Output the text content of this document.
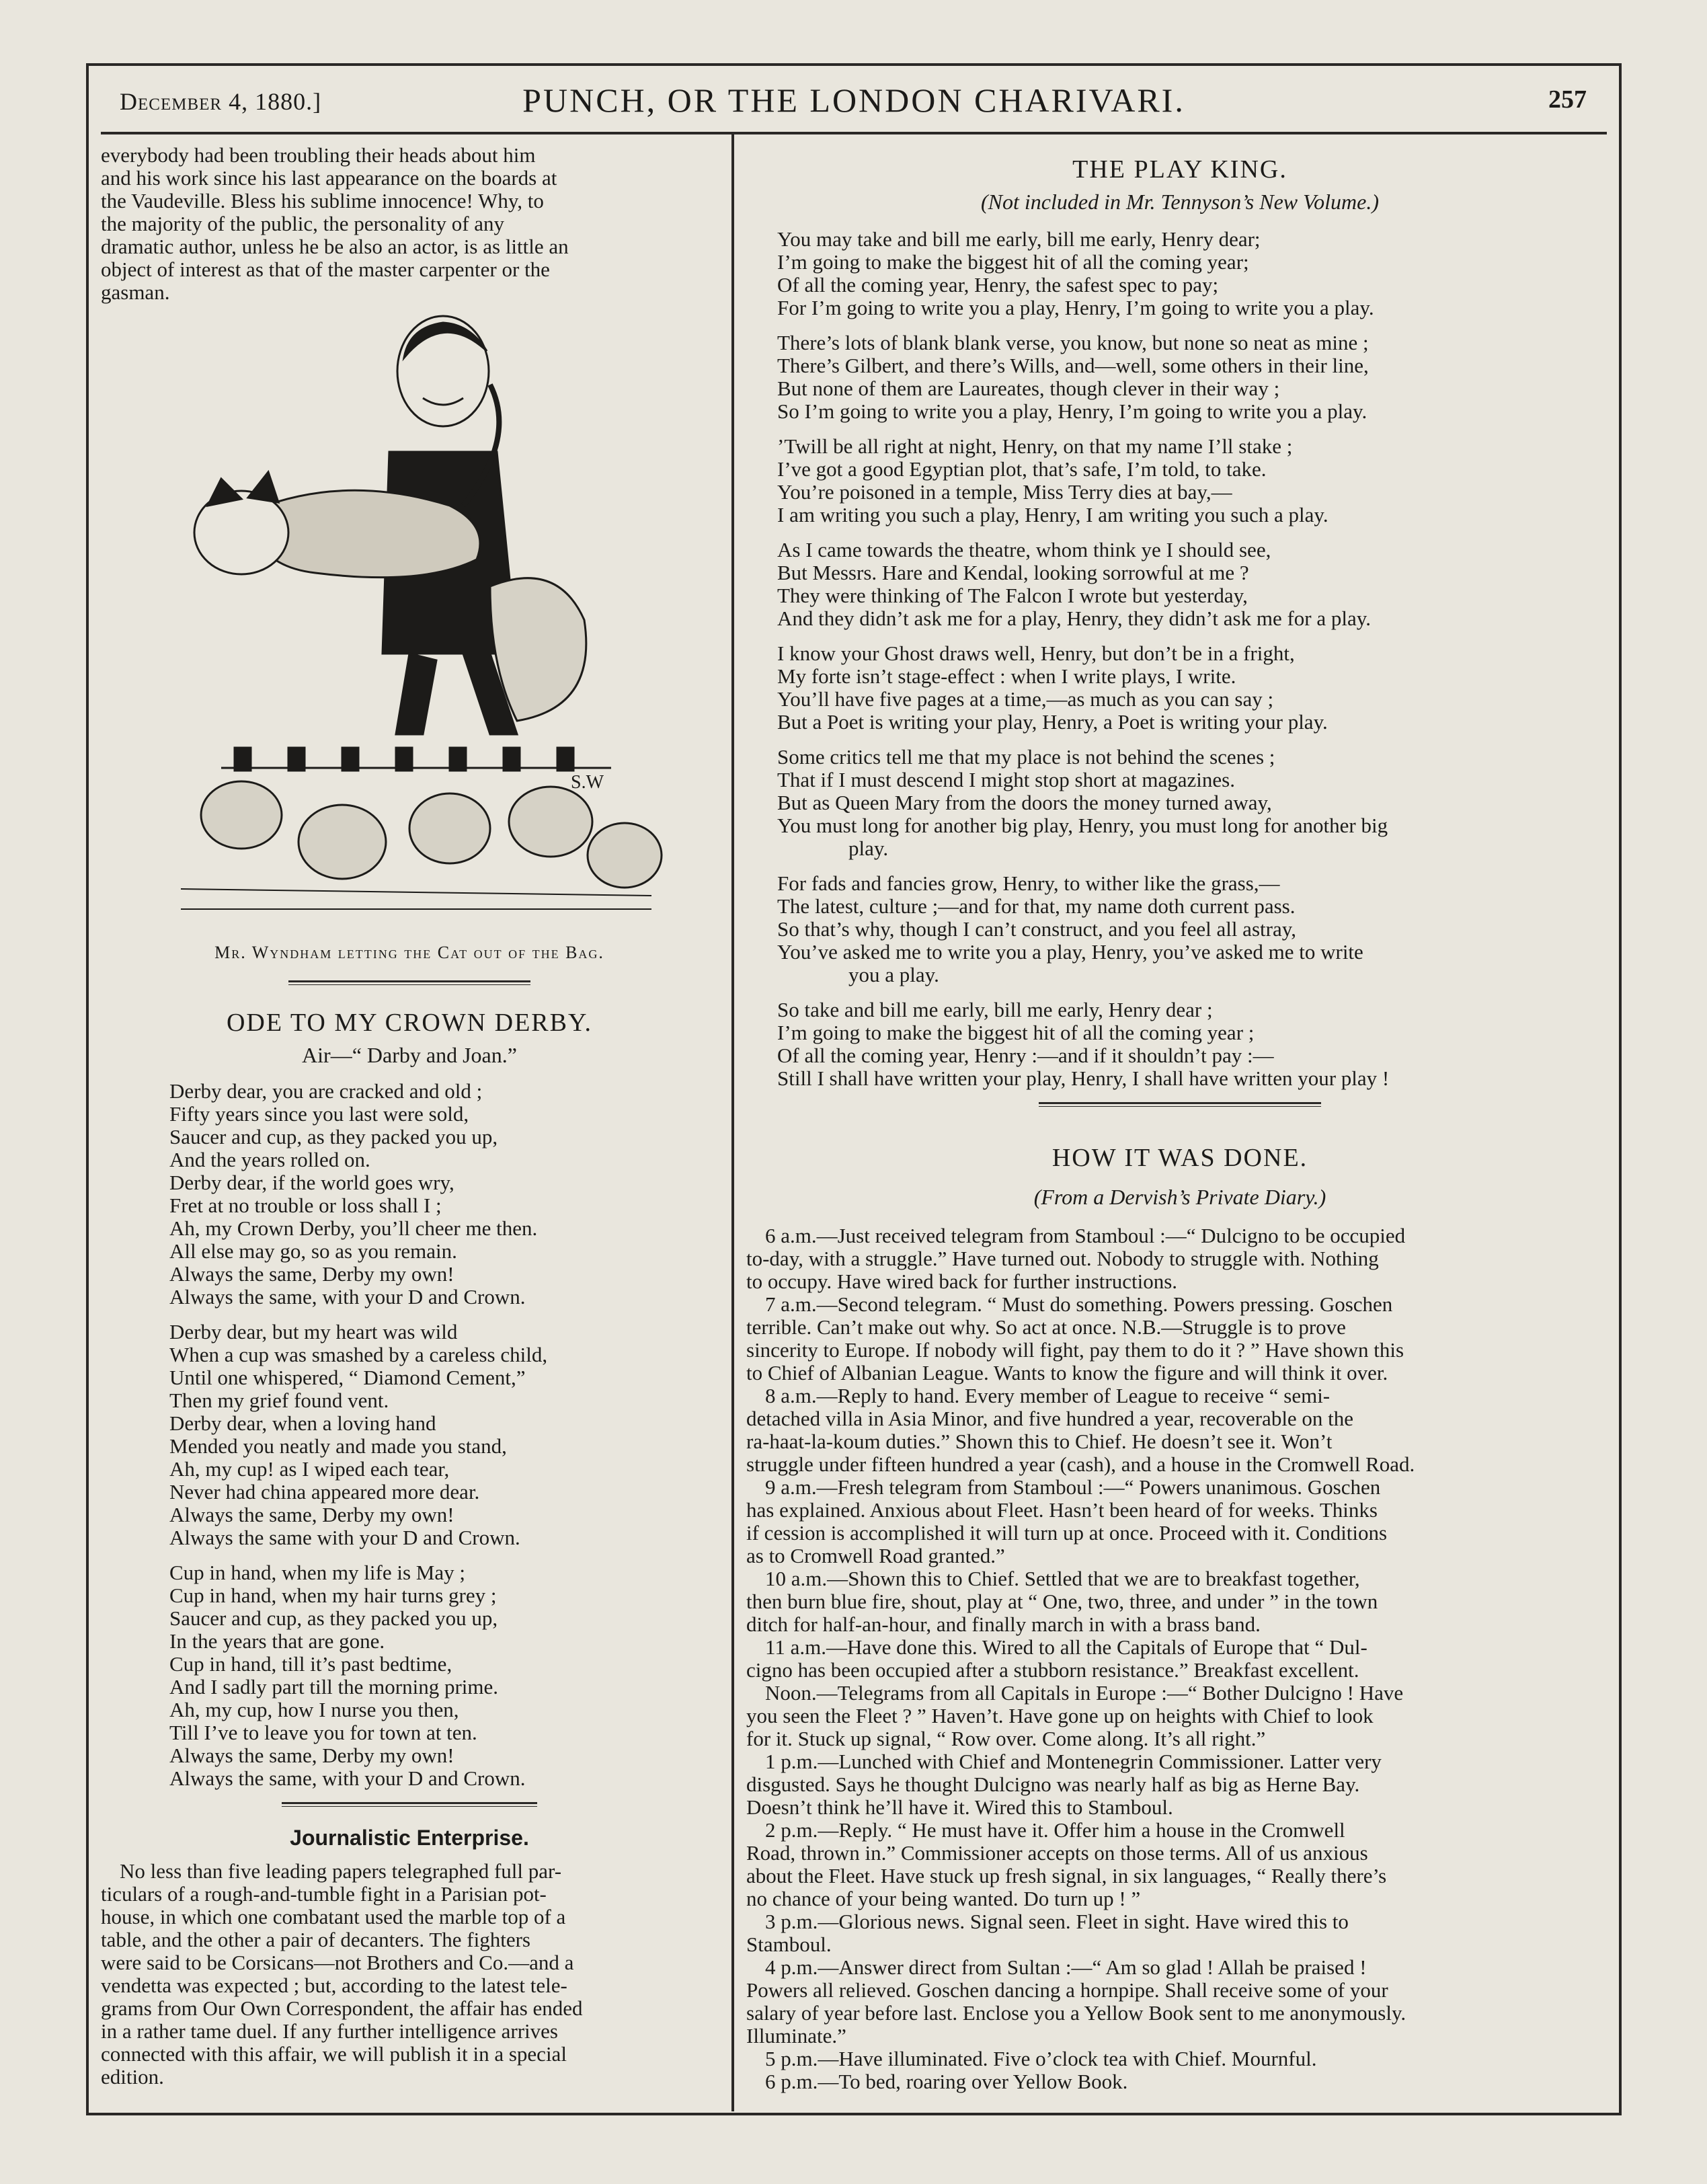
December 4, 1880.]	PUNCH, OR THE LONDON CHARIVARI.	257
everybody had been troubling their heads about him
and his work since his last appearance on the boards at
the Vaudeville. Bless his sublime innocence! Why, to
the majority of the public, the personality of any
dramatic author, unless he be also an actor, is as little an
object of interest as that of the master carpenter or the
gasman.
S.W

Mr. Wyndham letting the Cat out of the Bag.

ODE TO MY CROWN DERBY.

Air—“ Darby and Joan.”

Derby dear, you are cracked and old ;
Fifty years since you last were sold,
Saucer and cup, as they packed you up,
And the years rolled on.
Derby dear, if the world goes wry,
Fret at no trouble or loss shall I ;
Ah, my Crown Derby, you’ll cheer me then.
All else may go, so as you remain.
Always the same, Derby my own!
Always the same, with your D and Crown.
Derby dear, but my heart was wild
When a cup was smashed by a careless child,
Until one whispered, “ Diamond Cement,”
Then my grief found vent.
Derby dear, when a loving hand
Mended you neatly and made you stand,
Ah, my cup! as I wiped each tear,
Never had china appeared more dear.
Always the same, Derby my own!
Always the same with your D and Crown.
Cup in hand, when my life is May ;
Cup in hand, when my hair turns grey ;
Saucer and cup, as they packed you up,
In the years that are gone.
Cup in hand, till it’s past bedtime,
And I sadly part till the morning prime.
Ah, my cup, how I nurse you then,
Till I’ve to leave you for town at ten.
Always the same, Derby my own!
Always the same, with your D and Crown.

Journalistic Enterprise.

No less than five leading papers telegraphed full par-
ticulars of a rough-and-tumble fight in a Parisian pot-
house, in which one combatant used the marble top of a
table, and the other a pair of decanters. The fighters
were said to be Corsicans—not Brothers and Co.—and a
vendetta was expected ; but, according to the latest tele-
grams from Our Own Correspondent, the affair has ended
in a rather tame duel. If any further intelligence arrives
connected with this affair, we will publish it in a special
edition.

THE PLAY KING.

(Not included in Mr. Tennyson’s New Volume.)

You may take and bill me early, bill me early, Henry dear;
I’m going to make the biggest hit of all the coming year;
Of all the coming year, Henry, the safest spec to pay;
For I’m going to write you a play, Henry, I’m going to write you a play.
There’s lots of blank blank verse, you know, but none so neat as mine ;
There’s Gilbert, and there’s Wills, and—well, some others in their line,
But none of them are Laureates, though clever in their way ;
So I’m going to write you a play, Henry, I’m going to write you a play.
’Twill be all right at night, Henry, on that my name I’ll stake ;
I’ve got a good Egyptian plot, that’s safe, I’m told, to take.
You’re poisoned in a temple, Miss Terry dies at bay,—
I am writing you such a play, Henry, I am writing you such a play.
As I came towards the theatre, whom think ye I should see,
But Messrs. Hare and Kendal, looking sorrowful at me ?
They were thinking of The Falcon I wrote but yesterday,
And they didn’t ask me for a play, Henry, they didn’t ask me for a play.
I know your Ghost draws well, Henry, but don’t be in a fright,
My forte isn’t stage-effect : when I write plays, I write.
You’ll have five pages at a time,—as much as you can say ;
But a Poet is writing your play, Henry, a Poet is writing your play.
Some critics tell me that my place is not behind the scenes ;
That if I must descend I might stop short at magazines.
But as Queen Mary from the doors the money turned away,
You must long for another big play, Henry, you must long for another big
play.
For fads and fancies grow, Henry, to wither like the grass,—
The latest, culture ;—and for that, my name doth current pass.
So that’s why, though I can’t construct, and you feel all astray,
You’ve asked me to write you a play, Henry, you’ve asked me to write
you a play.
So take and bill me early, bill me early, Henry dear ;
I’m going to make the biggest hit of all the coming year ;
Of all the coming year, Henry :—and if it shouldn’t pay :—
Still I shall have written your play, Henry, I shall have written your play !

HOW IT WAS DONE.

(From a Dervish’s Private Diary.)

6 a.m.—Just received telegram from Stamboul :—“ Dulcigno to be occupied
to-day, with a struggle.” Have turned out. Nobody to struggle with. Nothing
to occupy. Have wired back for further instructions.
7 a.m.—Second telegram. “ Must do something. Powers pressing. Goschen
terrible. Can’t make out why. So act at once. N.B.—Struggle is to prove
sincerity to Europe. If nobody will fight, pay them to do it ? ” Have shown this
to Chief of Albanian League. Wants to know the figure and will think it over.
8 a.m.—Reply to hand. Every member of League to receive “ semi-
detached villa in Asia Minor, and five hundred a year, recoverable on the
ra-haat-la-koum duties.” Shown this to Chief. He doesn’t see it. Won’t
struggle under fifteen hundred a year (cash), and a house in the Cromwell Road.
9 a.m.—Fresh telegram from Stamboul :—“ Powers unanimous. Goschen
has explained. Anxious about Fleet. Hasn’t been heard of for weeks. Thinks
if cession is accomplished it will turn up at once. Proceed with it. Conditions
as to Cromwell Road granted.”
10 a.m.—Shown this to Chief. Settled that we are to breakfast together,
then burn blue fire, shout, play at “ One, two, three, and under ” in the town
ditch for half-an-hour, and finally march in with a brass band.
11 a.m.—Have done this. Wired to all the Capitals of Europe that “ Dul-
cigno has been occupied after a stubborn resistance.” Breakfast excellent.
Noon.—Telegrams from all Capitals in Europe :—“ Bother Dulcigno ! Have
you seen the Fleet ? ” Haven’t. Have gone up on heights with Chief to look
for it. Stuck up signal, “ Row over. Come along. It’s all right.”
1 p.m.—Lunched with Chief and Montenegrin Commissioner. Latter very
disgusted. Says he thought Dulcigno was nearly half as big as Herne Bay.
Doesn’t think he’ll have it. Wired this to Stamboul.
2 p.m.—Reply. “ He must have it. Offer him a house in the Cromwell
Road, thrown in.” Commissioner accepts on those terms. All of us anxious
about the Fleet. Have stuck up fresh signal, in six languages, “ Really there’s
no chance of your being wanted. Do turn up ! ”
3 p.m.—Glorious news. Signal seen. Fleet in sight. Have wired this to
Stamboul.
4 p.m.—Answer direct from Sultan :—“ Am so glad ! Allah be praised !
Powers all relieved. Goschen dancing a hornpipe. Shall receive some of your
salary of year before last. Enclose you a Yellow Book sent to me anonymously.
Illuminate.”
5 p.m.—Have illuminated. Five o’clock tea with Chief. Mournful.
6 p.m.—To bed, roaring over Yellow Book.
